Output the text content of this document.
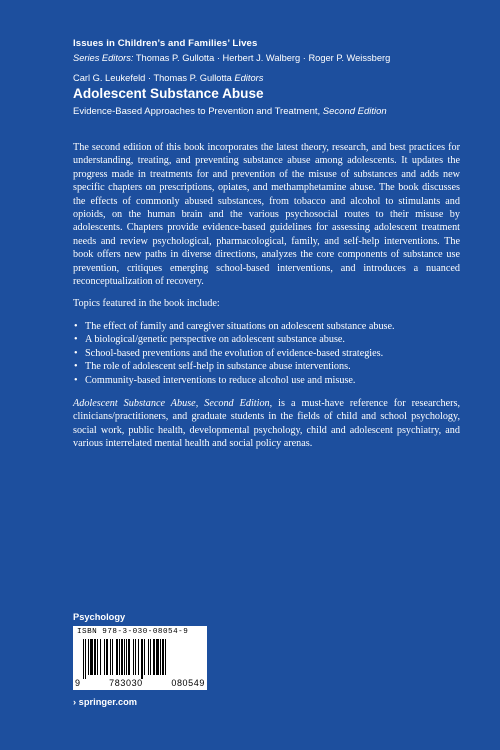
Issues in Children’s and Families’ Lives
Series Editors: Thomas P. Gullotta · Herbert J. Walberg · Roger P. Weissberg
Carl G. Leukefeld · Thomas P. Gullotta Editors
Adolescent Substance Abuse
Evidence-Based Approaches to Prevention and Treatment, Second Edition

The second edition of this book incorporates the latest theory, research, and best practices for understanding, treating, and preventing substance abuse among adolescents. It updates the progress made in treatments for and prevention of the misuse of substances and adds new specific chapters on prescriptions, opiates, and methamphetamine abuse. The book discusses the effects of commonly abused substances, from tobacco and alcohol to stimulants and opioids, on the human brain and the various psychosocial routes to their misuse by adolescents. Chapters provide evidence-based guidelines for assessing adolescent treatment needs and review psychological, pharmacological, family, and self-help interventions. The book offers new paths in diverse directions, analyzes the core components of substance use prevention, critiques emerging school-based interventions, and introduces a nuanced reconceptualization of recovery.

Topics featured in the book include:

• The effect of family and caregiver situations on adolescent substance abuse.
• A biological/genetic perspective on adolescent substance abuse.
• School-based preventions and the evolution of evidence-based strategies.
• The role of adolescent self-help in substance abuse interventions.
• Community-based interventions to reduce alcohol use and misuse.

Adolescent Substance Abuse, Second Edition, is a must-have reference for researchers, clinicians/practitioners, and graduate students in the fields of child and school psychology, social work, public health, developmental psychology, child and adolescent psychiatry, and various interrelated mental health and social policy arenas.

Psychology
ISBN 978-3-030-08054-9
9	783030	080549
› springer.com
